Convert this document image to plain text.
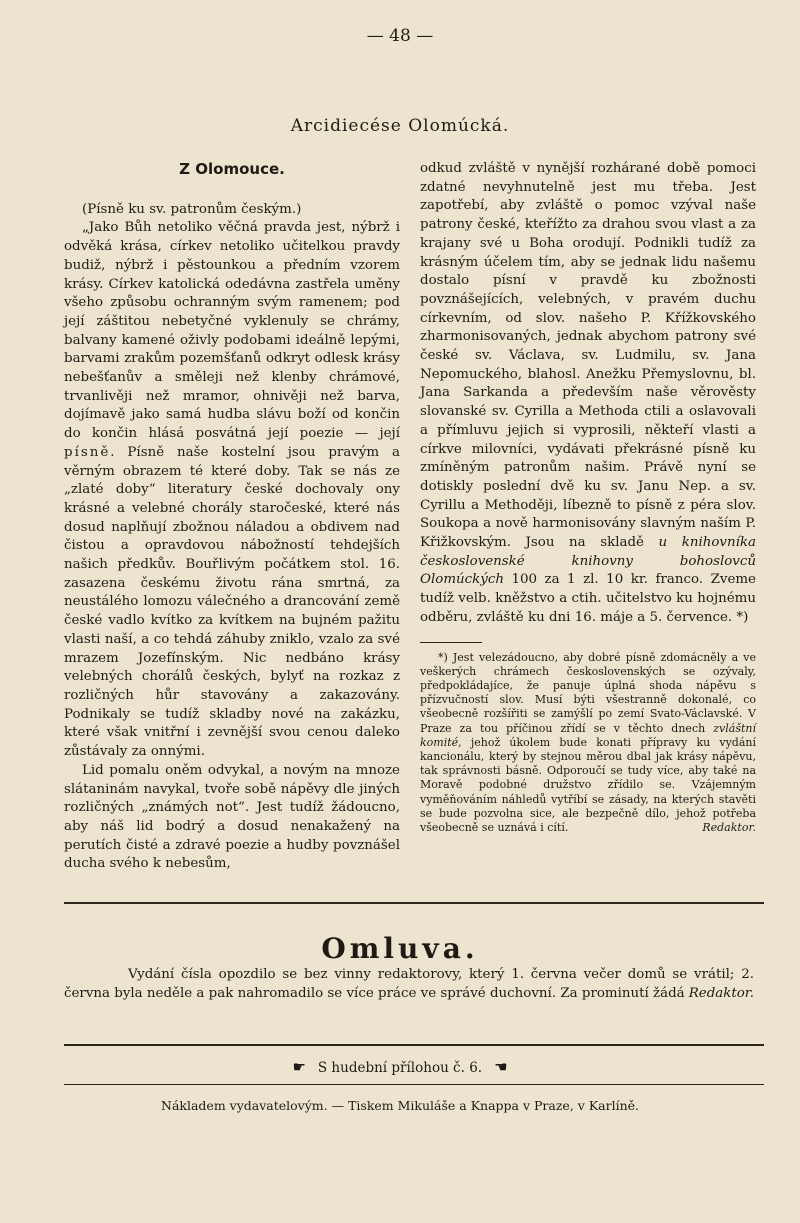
— 48 —
Arcidiecése Olomúcká.
Z Olomouce.

(Písně ku sv. patronům českým.)

„Jako Bůh netoliko věčná pravda jest, nýbrž i odvěká krása, církev netoliko učitelkou pravdy budiž, nýbrž i pěstounkou a předním vzorem krásy. Církev katolická odedávna zastřela uměny všeho způsobu ochranným svým ramenem; pod její záštitou nebetyčné vyklenuly se chrámy, balvany kamené oživly podobami ideálně lepými, barvami zrakům pozemšťanů odkryt odlesk krásy nebešťanův a směleji než klenby chrámové, trvanlivěji než mramor, ohnivěji než barva, dojímavě jako samá hudba slávu boží od končin do končin hlásá posvátná její poezie — její písně. Písně naše kostelní jsou pravým a věrným obrazem té které doby. Tak se nás ze „zlaté doby“ literatury české dochovaly ony krásné a velebné chorály staročeské, které nás dosud naplňují zbožnou náladou a obdivem nad čistou a opravdovou nábožností tehdejších našich předkův. Bouřlivým počátkem stol. 16. zasazena českému životu rána smrtná, za neustálého lomozu válečného a drancování země české vadlo kvítko za kvítkem na bujném pažitu vlasti naší, a co tehdá záhuby zniklo, vzalo za své mrazem Jozefínským. Nic nedbáno krásy velebných chorálů českých, bylyť na rozkaz z rozličných hůr stavovány a zakazovány. Podnikaly se tudíž skladby nové na zakázku, které však vnitřní i zevnější svou cenou daleko zůstávaly za onnými.

Lid pomalu oněm odvykal, a novým na mnoze slátaninám navykal, tvoře sobě nápěvy dle jiných rozličných „známých not“. Jest tudíž žádoucno, aby náš lid bodrý a dosud nenakažený na perutích čisté a zdravé poezie a hudby povznášel ducha svého k nebesům,

odkud zvláště v nynější rozhárané době pomoci zdatné nevyhnutelně jest mu třeba. Jest zapotřebí, aby zvláště o pomoc vzýval naše patrony české, kteřížto za drahou svou vlast a za krajany své u Boha orodují. Podnikli tudíž za krásným účelem tím, aby se jednak lidu našemu dostalo písní v pravdě ku zbožnosti povznášejících, velebných, v pravém duchu církevním, od slov. našeho P. Křížkovského zharmonisovaných, jednak abychom patrony své české sv. Václava, sv. Ludmilu, sv. Jana Nepomuckého, blahosl. Anežku Přemyslovnu, bl. Jana Sarkanda a především naše věrověsty slovanské sv. Cyrilla a Methoda ctili a oslavovali a přímluvu jejich si vyprosili, někteří vlasti a církve milovníci, vydávati překrásné písně ku zmíněným patronům našim. Právě nyní se dotiskly poslední dvě ku sv. Janu Nep. a sv. Cyrillu a Methoději, líbezně to písně z péra slov. Soukopa a nově harmonisovány slavným naším P. Křižkovským. Jsou na skladě u knihovníka československé knihovny bohoslovců Olomúckých 100 za 1 zl. 10 kr. franco. Zveme tudíž velb. kněžstvo a ctih. učitelstvo ku hojnému odběru, zvláště ku dni 16. máje a 5. července. *)

*) Jest velezádoucno, aby dobré písně zdomácněly a ve veškerých chrámech československých se ozývaly, předpokládajíce, že panuje úplná shoda nápěvu s přízvučností slov. Musí býti všestranně dokonalé, co všeobecně rozšířiti se zamýšlí po zemí Svato-Václavské. V Praze za tou příčinou zřídí se v těchto dnech zvláštní komité, jehož úkolem bude konati přípravy ku vydání kancionálu, který by stejnou měrou dbal jak krásy nápěvu, tak správnosti básně. Odporoučí se tudy více, aby také na Moravě podobné družstvo zřídilo se. Vzájemným vyměňováním náhledů vytříbí se zásady, na kterých stavěti se bude pozvolna sice, ale bezpečně dílo, jehož potřeba všeobecně se uznává i cítí.	Redaktor.

Omluva.

Vydání čísla opozdilo se bez vinny redaktorovy, který 1. června večer domů se vrátil; 2. června byla neděle a pak nahromadilo se více práce ve správé duchovní. Za prominutí žádá Redaktor.
☛ S hudební přílohou č. 6. ☚
Nákladem vydavatelovým. — Tiskem Mikuláše a Knappa v Praze, v Karlíně.
